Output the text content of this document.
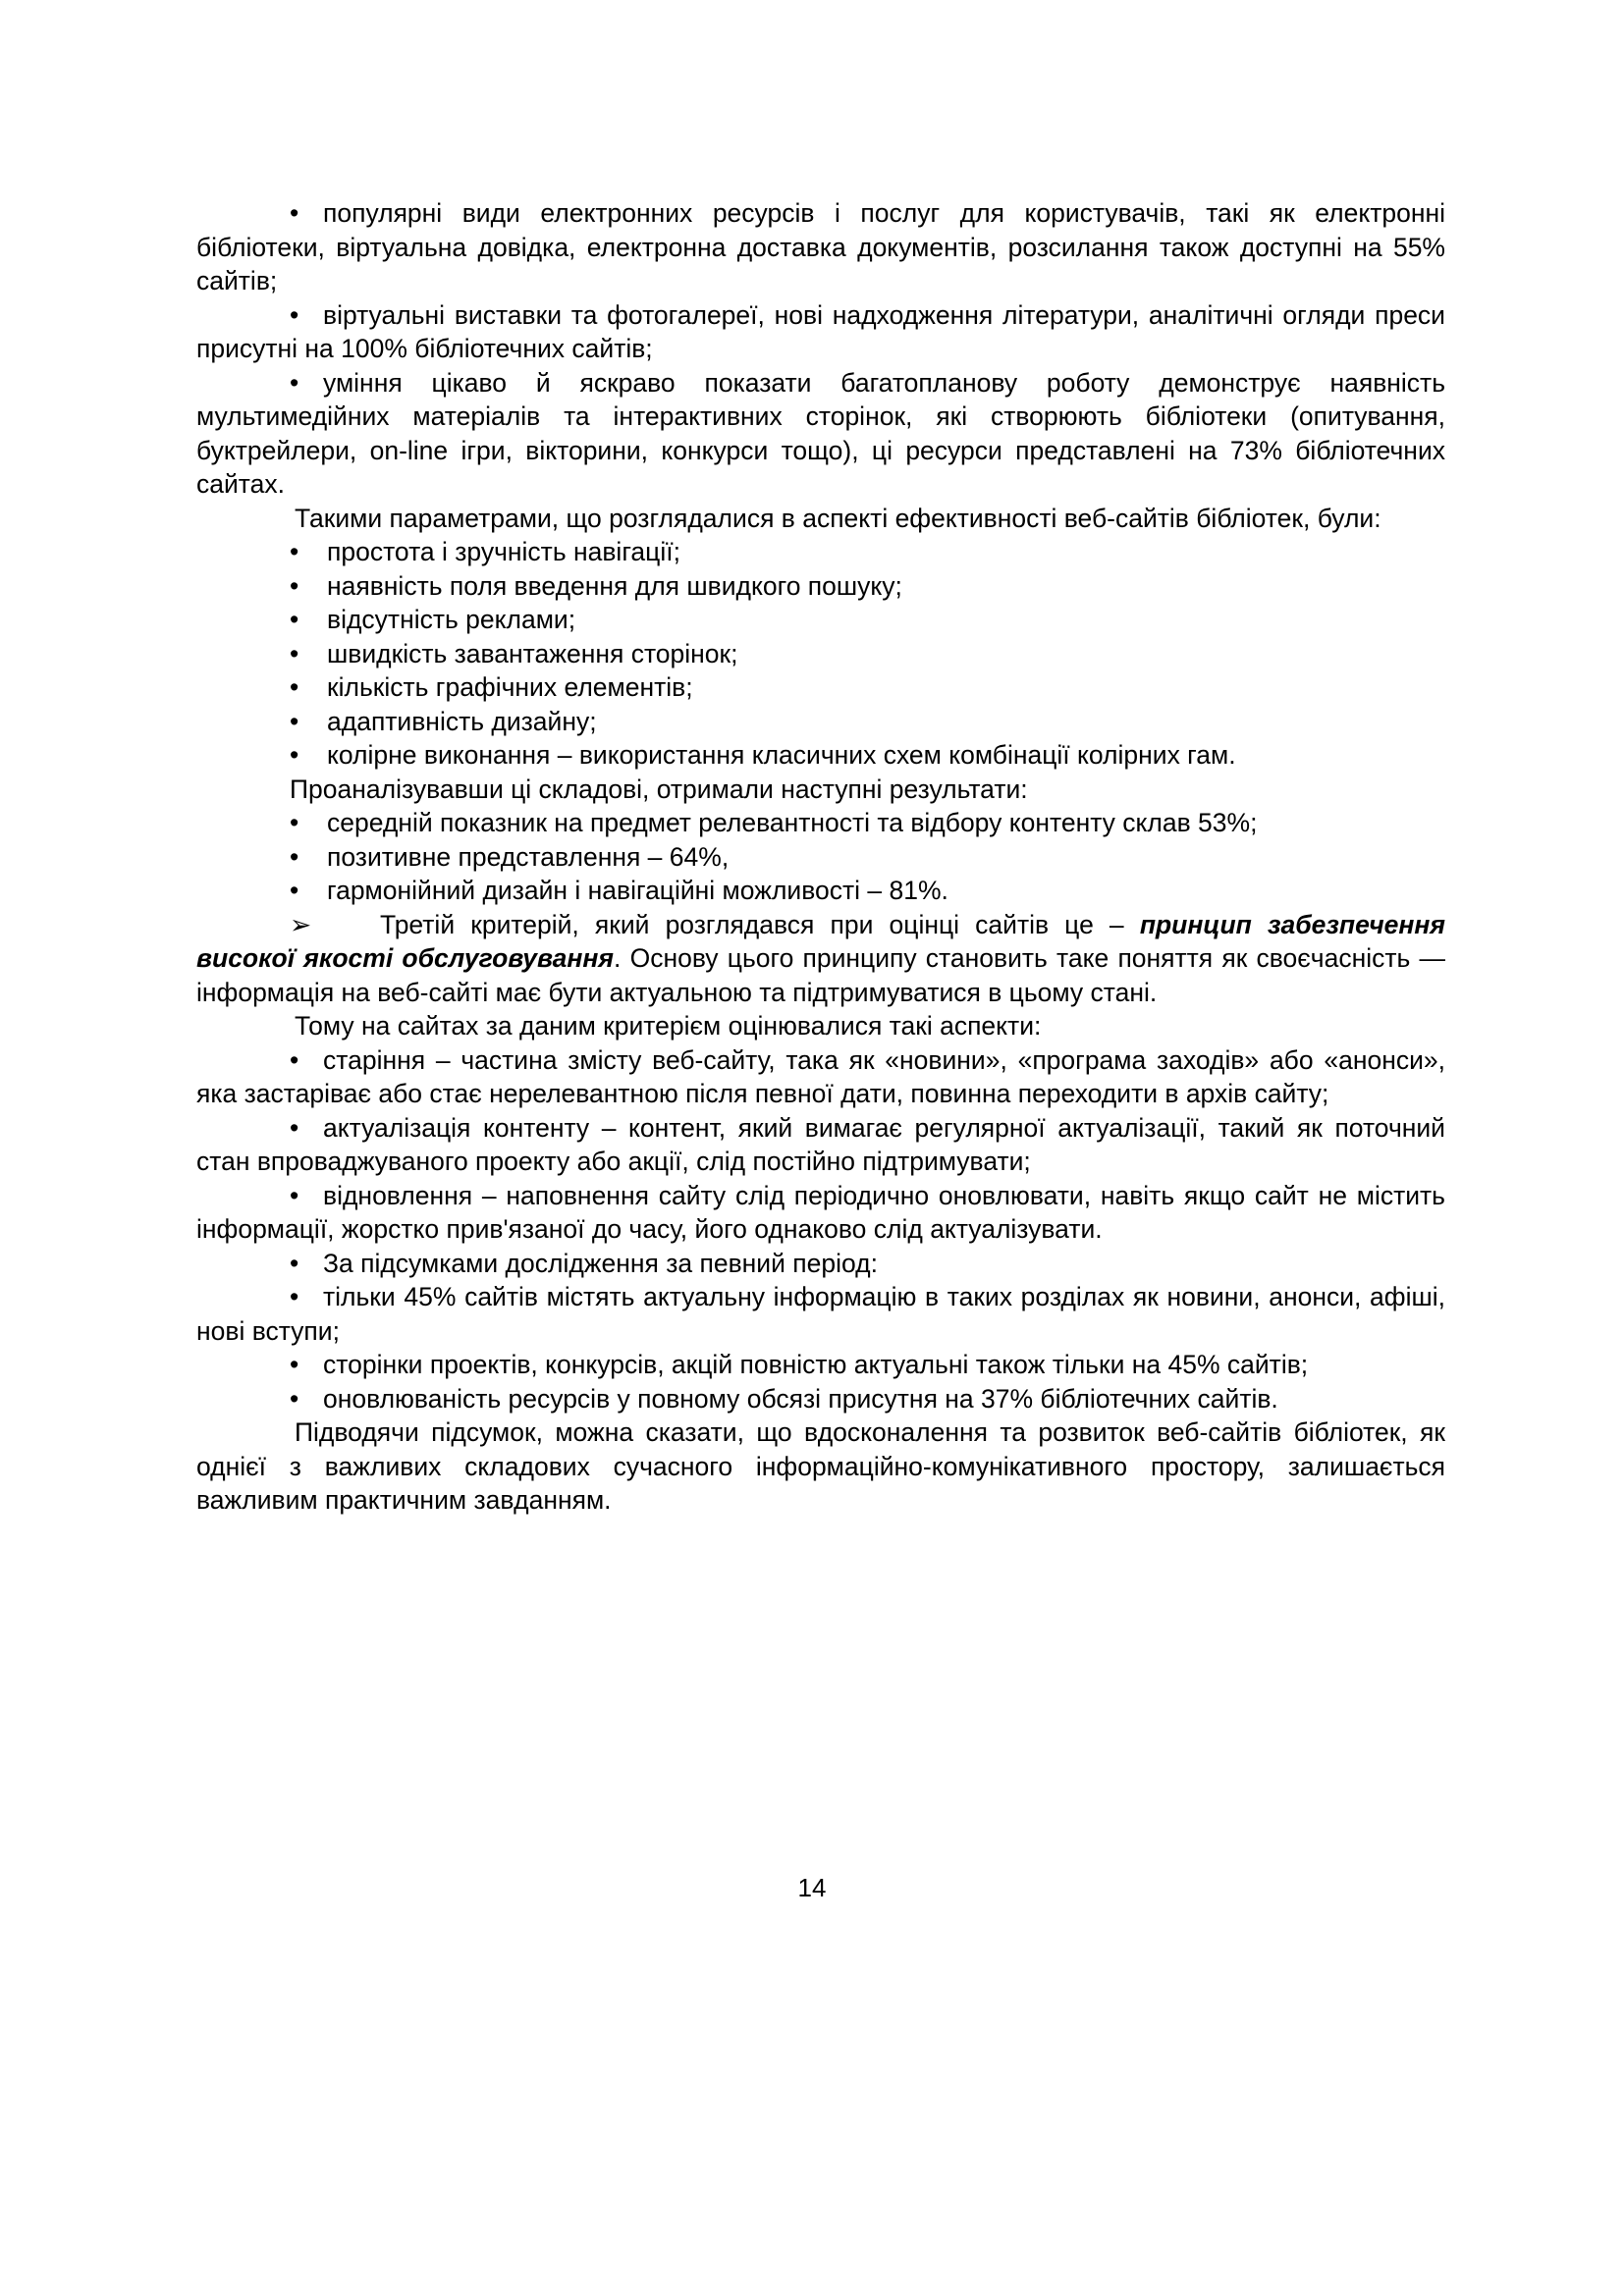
• популярні види електронних ресурсів і послуг для користувачів, такі як електронні бібліотеки, віртуальна довідка, електронна доставка документів, розсилання також доступні на 55% сайтів;

• віртуальні виставки та фотогалереї, нові надходження літератури, аналітичні огляди преси присутні на 100% бібліотечних сайтів;

• уміння цікаво й яскраво показати багатопланову роботу демонструє наявність мультимедійних матеріалів та інтерактивних сторінок, які створюють бібліотеки (опитування, буктрейлери, on-line ігри, вікторини, конкурси тощо), ці ресурси представлені на 73% бібліотечних сайтах.

Такими параметрами, що розглядалися в аспекті ефективності веб-сайтів бібліотек, були:

• простота і зручність навігації;
• наявність поля введення для швидкого пошуку;
• відсутність реклами;
• швидкість завантаження сторінок;
• кількість графічних елементів;
• адаптивність дизайну;
• колірне виконання – використання класичних схем комбінації колірних гам.

Проаналізувавши ці складові, отримали наступні результати:

• середній показник на предмет релевантності та відбору контенту склав 53%;
• позитивне представлення – 64%,
• гармонійний дизайн і навігаційні можливості – 81%.

➢	Третій критерій, який розглядався при оцінці сайтів це – принцип забезпечення високої якості обслуговування. Основу цього принципу становить таке поняття як своєчасність — інформація на веб-сайті має бути актуальною та підтримуватися в цьому стані.

Тому на сайтах за даним критерієм оцінювалися такі аспекти:

• старіння – частина змісту веб-сайту, така як «новини», «програма заходів» або «анонси», яка застаріває або стає нерелевантною після певної дати, повинна переходити в архів сайту;

• актуалізація контенту – контент, який вимагає регулярної актуалізації, такий як поточний стан впроваджуваного проекту або акції, слід постійно підтримувати;

• відновлення – наповнення сайту слід періодично оновлювати, навіть якщо сайт не містить інформації, жорстко прив'язаної до часу, його однаково слід актуалізувати.

• За підсумками дослідження за певний період:

• тільки 45% сайтів містять актуальну інформацію в таких розділах як новини, анонси, афіші, нові вступи;

• сторінки проектів, конкурсів, акцій повністю актуальні також тільки на 45% сайтів;

• оновлюваність ресурсів у повному обсязі присутня на 37% бібліотечних сайтів.

Підводячи підсумок, можна сказати, що вдосконалення та розвиток веб-сайтів бібліотек, як однієї з важливих складових сучасного інформаційно-комунікативного простору, залишається важливим практичним завданням.

14
